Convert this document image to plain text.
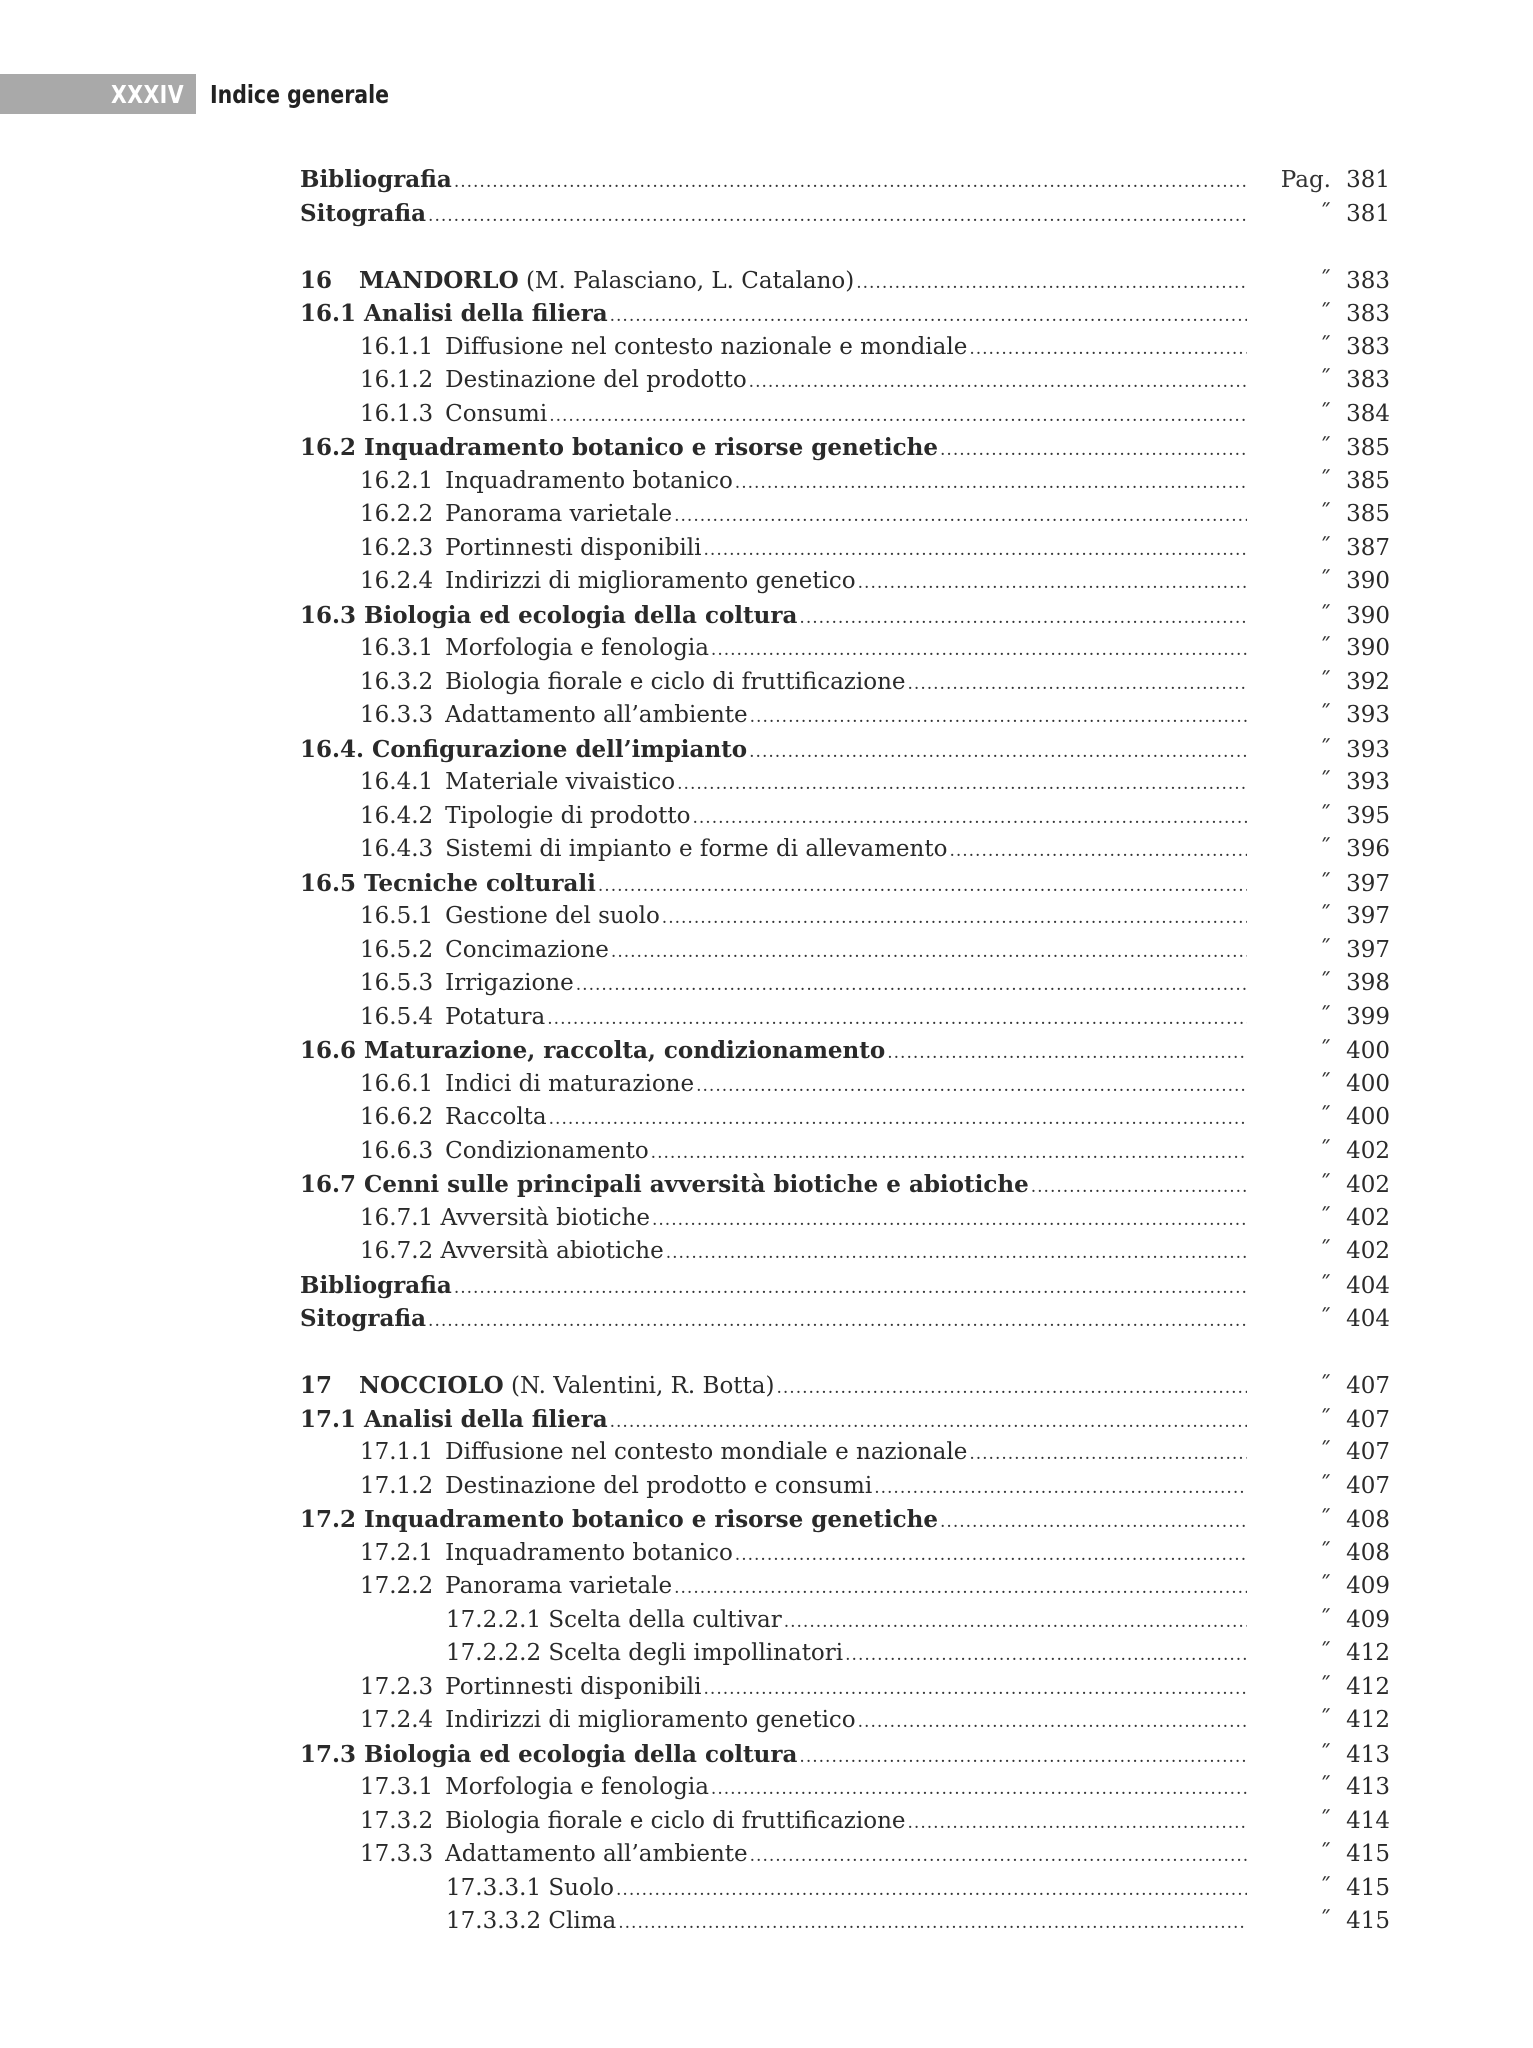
XXXIV Indice generale
Bibliografia .....	Pag. 381
Sitografia .....	˝ 381
16 MANDORLO (M. Palasciano, L. Catalano) .....	˝ 383
16.1 Analisi della filiera .....	˝ 383
16.1.1 Diffusione nel contesto nazionale e mondiale .....	˝ 383
16.1.2 Destinazione del prodotto .....	˝ 383
16.1.3 Consumi .....	˝ 384
16.2 Inquadramento botanico e risorse genetiche .....	˝ 385
16.2.1 Inquadramento botanico .....	˝ 385
16.2.2 Panorama varietale .....	˝ 385
16.2.3 Portinnesti disponibili .....	˝ 387
16.2.4 Indirizzi di miglioramento genetico .....	˝ 390
16.3 Biologia ed ecologia della coltura .....	˝ 390
16.3.1 Morfologia e fenologia .....	˝ 390
16.3.2 Biologia fiorale e ciclo di fruttificazione .....	˝ 392
16.3.3 Adattamento all’ambiente .....	˝ 393
16.4. Configurazione dell’impianto .....	˝ 393
16.4.1 Materiale vivaistico .....	˝ 393
16.4.2 Tipologie di prodotto .....	˝ 395
16.4.3 Sistemi di impianto e forme di allevamento .....	˝ 396
16.5 Tecniche colturali .....	˝ 397
16.5.1 Gestione del suolo .....	˝ 397
16.5.2 Concimazione .....	˝ 397
16.5.3 Irrigazione .....	˝ 398
16.5.4 Potatura .....	˝ 399
16.6 Maturazione, raccolta, condizionamento .....	˝ 400
16.6.1 Indici di maturazione .....	˝ 400
16.6.2 Raccolta .....	˝ 400
16.6.3 Condizionamento .....	˝ 402
16.7 Cenni sulle principali avversità biotiche e abiotiche .....	˝ 402
16.7.1 Avversità biotiche .....	˝ 402
16.7.2 Avversità abiotiche .....	˝ 402
Bibliografia .....	˝ 404
Sitografia .....	˝ 404
17 NOCCIOLO (N. Valentini, R. Botta) .....	˝ 407
17.1 Analisi della filiera .....	˝ 407
17.1.1 Diffusione nel contesto mondiale e nazionale .....	˝ 407
17.1.2 Destinazione del prodotto e consumi .....	˝ 407
17.2 Inquadramento botanico e risorse genetiche .....	˝ 408
17.2.1 Inquadramento botanico .....	˝ 408
17.2.2 Panorama varietale .....	˝ 409
17.2.2.1 Scelta della cultivar .....	˝ 409
17.2.2.2 Scelta degli impollinatori .....	˝ 412
17.2.3 Portinnesti disponibili .....	˝ 412
17.2.4 Indirizzi di miglioramento genetico .....	˝ 412
17.3 Biologia ed ecologia della coltura .....	˝ 413
17.3.1 Morfologia e fenologia .....	˝ 413
17.3.2 Biologia fiorale e ciclo di fruttificazione .....	˝ 414
17.3.3 Adattamento all’ambiente .....	˝ 415
17.3.3.1 Suolo .....	˝ 415
17.3.3.2 Clima .....	˝ 415
